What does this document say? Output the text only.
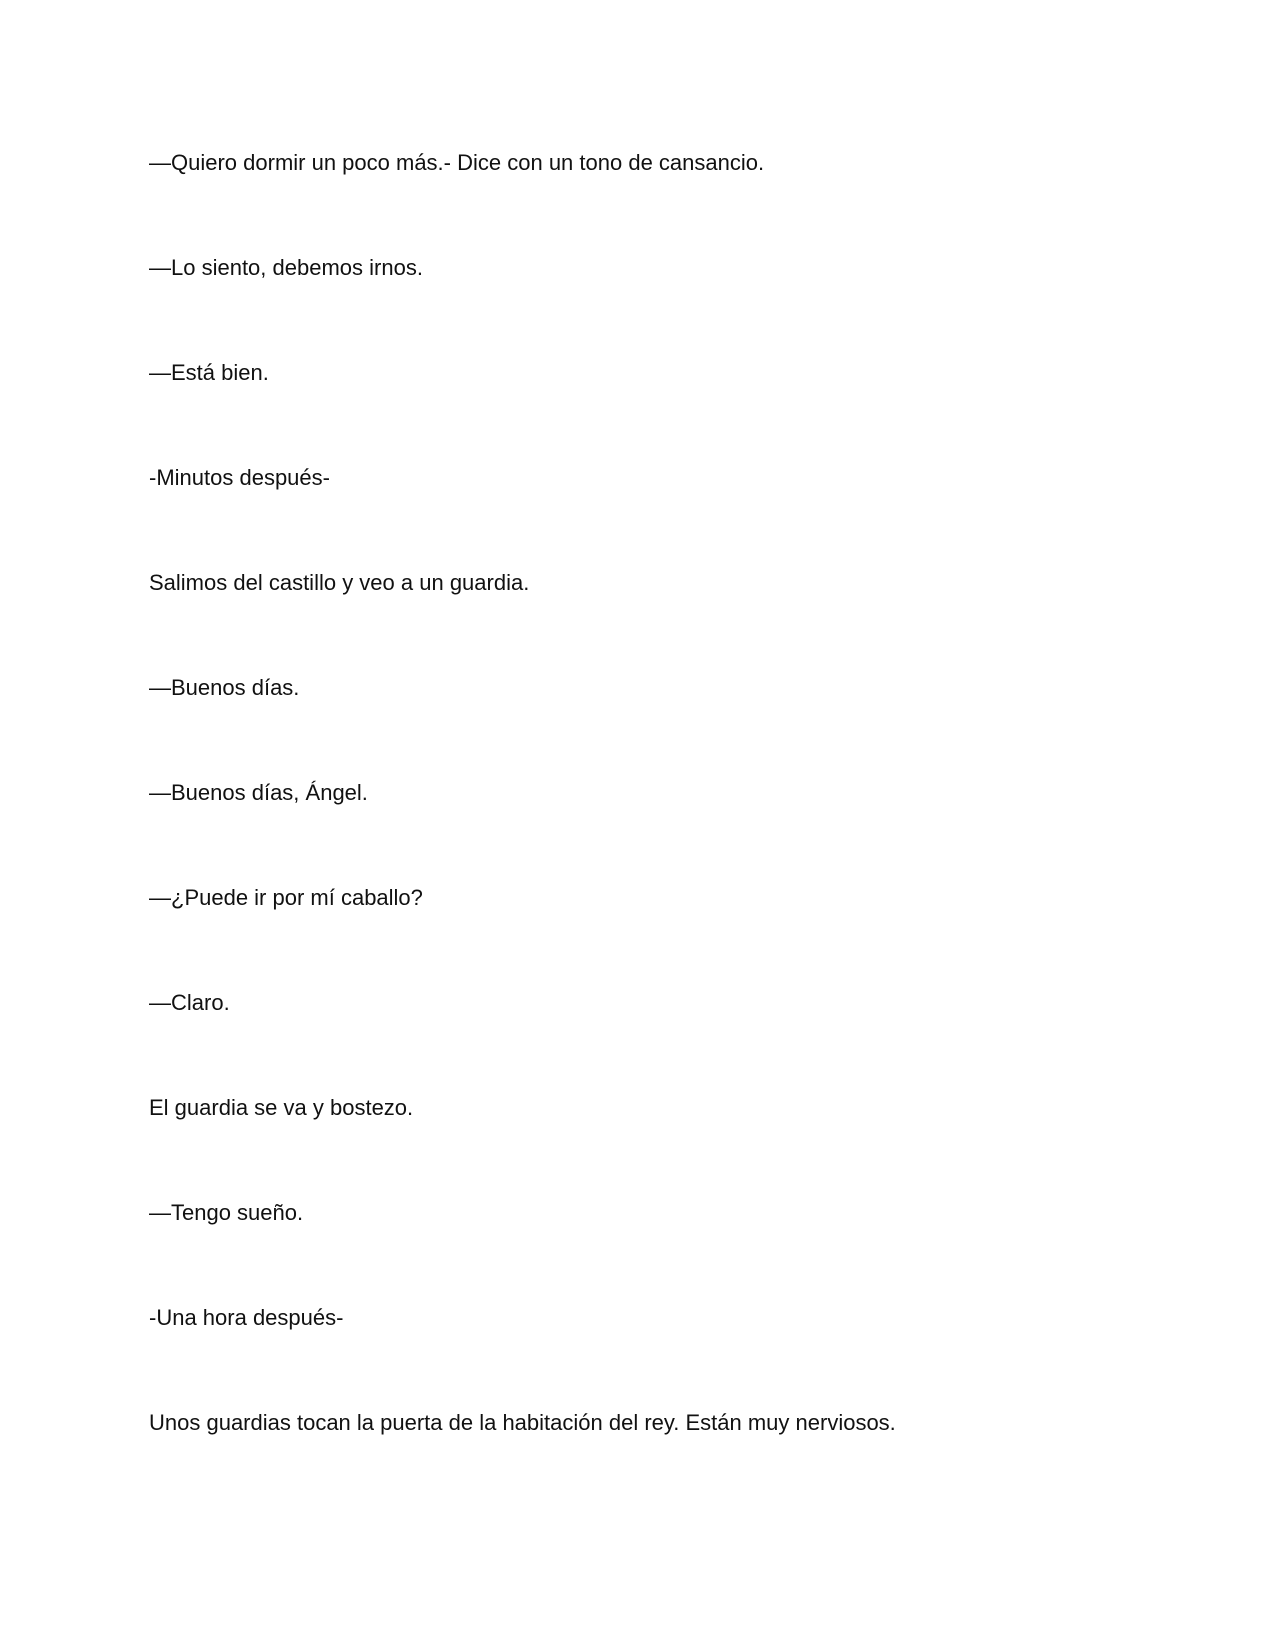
—Quiero dormir un poco más.- Dice con un tono de cansancio.

—Lo siento, debemos irnos.

—Está bien.

-Minutos después-

Salimos del castillo y veo a un guardia.

—Buenos días.

—Buenos días, Ángel.

—¿Puede ir por mí caballo?

—Claro.

El guardia se va y bostezo.

—Tengo sueño.

-Una hora después-

Unos guardias tocan la puerta de la habitación del rey. Están muy nerviosos.
